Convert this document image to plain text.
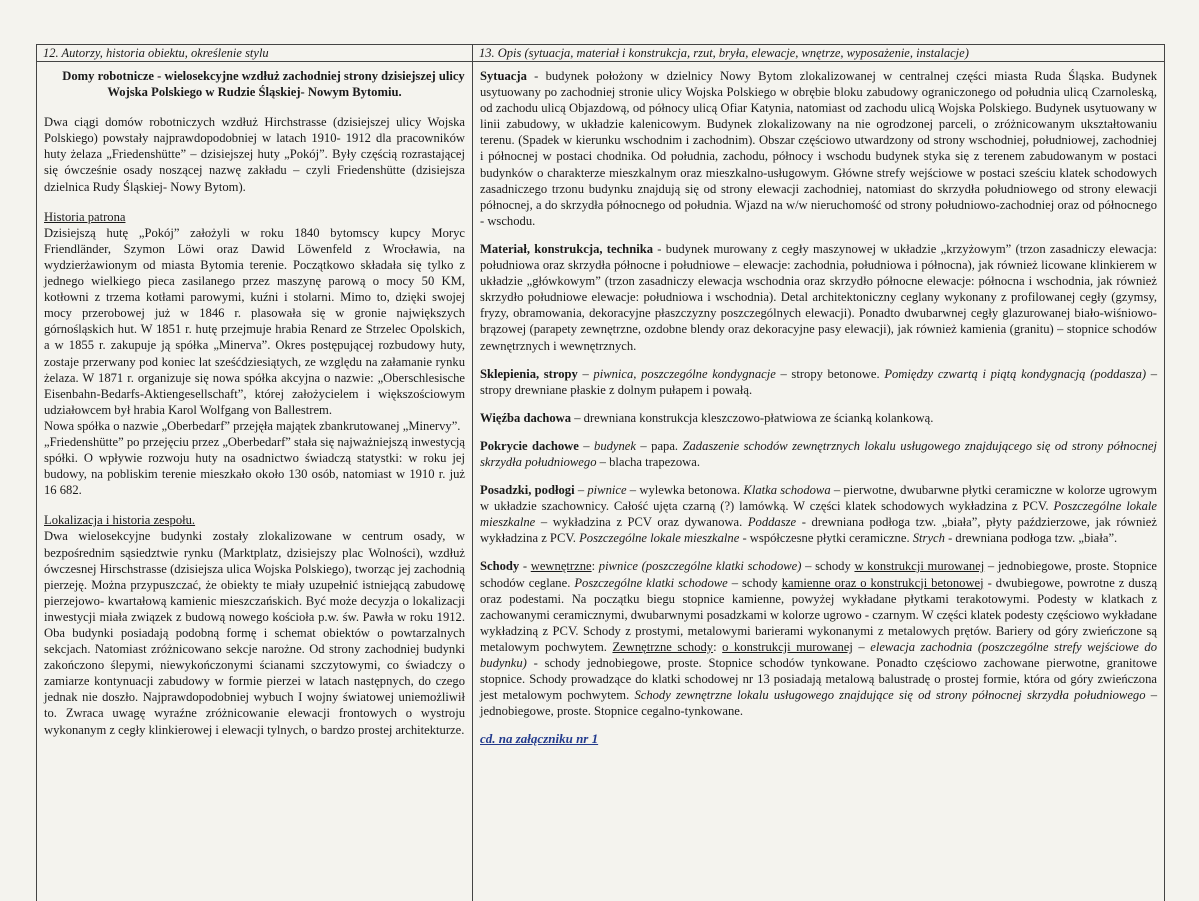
12. Autorzy, historia obiektu, określenie stylu

Domy robotnicze - wielosekcyjne wzdłuż zachodniej strony dzisiejszej ulicy Wojska Polskiego w Rudzie Śląskiej- Nowym Bytomiu.

Dwa ciągi domów robotniczych wzdłuż Hirchstrasse (dzisiejszej ulicy Wojska Polskiego) powstały najprawdopodobniej w latach 1910- 1912 dla pracowników huty żelaza „Friedenshütte” – dzisiejszej huty „Pokój”. Były częścią rozrastającej się ówcześnie osady noszącej nazwę zakładu – czyli Friedenshütte (dzisiejsza dzielnica Rudy Śląskiej- Nowy Bytom).

Historia patrona

Dzisiejszą hutę „Pokój” założyli w roku 1840 bytomscy kupcy Moryc Friendländer, Szymon Löwi oraz Dawid Löwenfeld z Wrocławia, na wydzierżawionym od miasta Bytomia terenie. Początkowo składała się tylko z jednego wielkiego pieca zasilanego przez maszynę parową o mocy 50 KM, kotłowni z trzema kotłami parowymi, kuźni i stolarni. Mimo to, dzięki swojej mocy przerobowej już w 1846 r. plasowała się w gronie największych górnośląskich hut. W 1851 r. hutę przejmuje hrabia Renard ze Strzelec Opolskich, a w 1855 r. zakupuje ją spółka „Minerva”. Okres postępującej rozbudowy huty, zostaje przerwany pod koniec lat sześćdziesiątych, ze względu na załamanie rynku żelaza. W 1871 r. organizuje się nowa spółka akcyjna o nazwie: „Oberschlesische Eisenbahn-Bedarfs-Aktiengesellschaft”, której założycielem i większościowym udziałowcem był hrabia Karol Wolfgang von Ballestrem.

Nowa spółka o nazwie „Oberbedarf” przejęła majątek zbankrutowanej „Minervy”.

„Friedenshütte” po przejęciu przez „Oberbedarf” stała się najważniejszą inwestycją spółki. O wpływie rozwoju huty na osadnictwo świadczą statystki: w roku jej budowy, na pobliskim terenie mieszkało około 130 osób, natomiast w 1910 r. już 16 682.

Lokalizacja i historia zespołu.

Dwa wielosekcyjne budynki zostały zlokalizowane w centrum osady, w bezpośrednim sąsiedztwie rynku (Marktplatz, dzisiejszy plac Wolności), wzdłuż ówczesnej Hirschstrasse (dzisiejsza ulica Wojska Polskiego), tworząc jej zachodnią pierzeję. Można przypuszczać, że obiekty te miały uzupełnić istniejącą zabudowę pierzejowo- kwartałową kamienic mieszczańskich. Być może decyzja o lokalizacji inwestycji miała związek z budową nowego kościoła p.w. św. Pawła w roku 1912. Oba budynki posiadają podobną formę i schemat obiektów o powtarzalnych sekcjach. Natomiast zróżnicowano sekcje narożne. Od strony zachodniej budynki zakończono ślepymi, niewykończonymi ścianami szczytowymi, co świadczy o zamiarze kontynuacji zabudowy w formie pierzei w latach następnych, do czego jednak nie doszło. Najprawdopodobniej wybuch I wojny światowej uniemożliwił to. Zwraca uwagę wyraźne zróżnicowanie elewacji frontowych o wystroju wykonanym z cegły klinkierowej i elewacji tylnych, o bardzo prostej architekturze.

13. Opis (sytuacja, materiał i konstrukcja, rzut, bryła, elewacje, wnętrze, wyposażenie, instalacje)

Sytuacja - budynek położony w dzielnicy Nowy Bytom zlokalizowanej w centralnej części miasta Ruda Śląska. Budynek usytuowany po zachodniej stronie ulicy Wojska Polskiego w obrębie bloku zabudowy ograniczonego od południa ulicą Czarnoleską, od zachodu ulicą Objazdową, od północy ulicą Ofiar Katynia, natomiast od zachodu ulicą Wojska Polskiego. Budynek usytuowany w linii zabudowy, w układzie kalenicowym. Budynek zlokalizowany na nie ogrodzonej parceli, o zróżnicowanym ukształtowaniu terenu. (Spadek w kierunku wschodnim i zachodnim). Obszar częściowo utwardzony od strony wschodniej, południowej, zachodniej i północnej w postaci chodnika. Od południa, zachodu, północy i wschodu budynek styka się z terenem zabudowanym w postaci budynków o charakterze mieszkalnym oraz mieszkalno-usługowym. Główne strefy wejściowe w postaci sześciu klatek schodowych zasadniczego trzonu budynku znajdują się od strony elewacji zachodniej, natomiast do skrzydła południowego od strony elewacji północnej, a do skrzydła północnego od południa. Wjazd na w/w nieruchomość od strony południowo-zachodniej oraz od północnego - wschodu.

Materiał, konstrukcja, technika - budynek murowany z cegły maszynowej w układzie „krzyżowym” (trzon zasadniczy elewacja: południowa oraz skrzydła północne i południowe – elewacje: zachodnia, południowa i północna), jak również licowane klinkierem w układzie „główkowym” (trzon zasadniczy elewacja wschodnia oraz skrzydło północne elewacje: północna i wschodnia, jak również skrzydło południowe elewacje: południowa i wschodnia). Detal architektoniczny ceglany wykonany z profilowanej cegły (gzymsy, fryzy, obramowania, dekoracyjne płaszczyzny poszczególnych elewacji). Ponadto dwubarwnej cegły glazurowanej biało-wiśniowo-brązowej (parapety zewnętrzne, ozdobne blendy oraz dekoracyjne pasy elewacji), jak również kamienia (granitu) – stopnice schodów zewnętrznych i wewnętrznych.

Sklepienia, stropy – piwnica, poszczególne kondygnacje – stropy betonowe. Pomiędzy czwartą i piątą kondygnacją (poddasza) – stropy drewniane płaskie z dolnym pułapem i powałą.

Więźba dachowa – drewniana konstrukcja kleszczowo-płatwiowa ze ścianką kolankową.

Pokrycie dachowe – budynek – papa. Zadaszenie schodów zewnętrznych lokalu usługowego znajdującego się od strony północnej skrzydła południowego – blacha trapezowa.

Posadzki, podłogi – piwnice – wylewka betonowa. Klatka schodowa – pierwotne, dwubarwne płytki ceramiczne w kolorze ugrowym w układzie szachownicy. Całość ujęta czarną (?) lamówką. W części klatek schodowych wykładzina z PCV. Poszczególne lokale mieszkalne – wykładzina z PCV oraz dywanowa. Poddasze - drewniana podłoga tzw. „biała”, płyty paździerzowe, jak również wykładzina z PCV. Poszczególne lokale mieszkalne - współczesne płytki ceramiczne. Strych - drewniana podłoga tzw. „biała”.

Schody - wewnętrzne: piwnice (poszczególne klatki schodowe) – schody w konstrukcji murowanej – jednobiegowe, proste. Stopnice schodów ceglane. Poszczególne klatki schodowe – schody kamienne oraz o konstrukcji betonowej - dwubiegowe, powrotne z duszą oraz podestami. Na początku biegu stopnice kamienne, powyżej wykładane płytkami terakotowymi. Podesty w klatkach z zachowanymi ceramicznymi, dwubarwnymi posadzkami w kolorze ugrowo - czarnym. W części klatek podesty częściowo wykładane wykładziną z PCV. Schody z prostymi, metalowymi barierami wykonanymi z metalowych prętów. Bariery od góry zwieńczone są metalowym pochwytem. Zewnętrzne schody: o konstrukcji murowanej – elewacja zachodnia (poszczególne strefy wejściowe do budynku) - schody jednobiegowe, proste. Stopnice schodów tynkowane. Ponadto częściowo zachowane pierwotne, granitowe stopnice. Schody prowadzące do klatki schodowej nr 13 posiadają metalową balustradę o prostej formie, która od góry zwieńczona jest metalowym pochwytem. Schody zewnętrzne lokalu usługowego znajdujące się od strony północnej skrzydła południowego – jednobiegowe, proste. Stopnice cegalno-tynkowane.

cd. na załączniku nr 1
